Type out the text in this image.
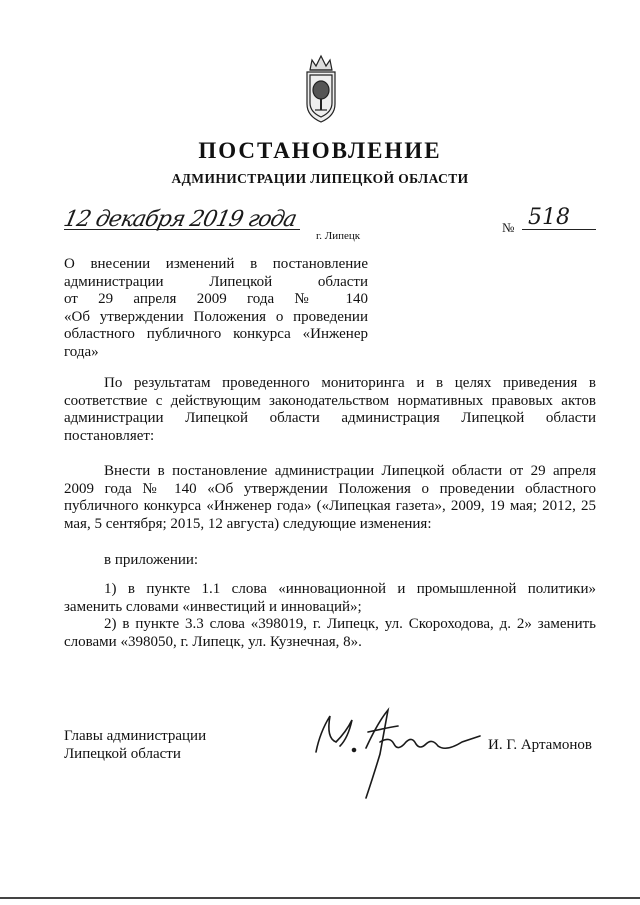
ПОСТАНОВЛЕНИЕ
АДМИНИСТРАЦИИ ЛИПЕЦКОЙ ОБЛАСТИ
12 декабря 2019 года
г. Липецк
№ 518
О внесении изменений в постановление
администрации Липецкой области
от 29 апреля 2009 года № 140
«Об утверждении Положения о проведении
областного публичного конкурса «Инженер
года»
По результатам проведенного мониторинга и в целях приведения в соответствие с действующим законодательством нормативных правовых актов администрации Липецкой области администрация Липецкой области постановляет:
Внести в постановление администрации Липецкой области от 29 апреля 2009 года № 140 «Об утверждении Положения о проведении областного публичного конкурса «Инженер года» («Липецкая газета», 2009, 19 мая; 2012, 25 мая, 5 сентября; 2015, 12 августа) следующие изменения:
в приложении:
1) в пункте 1.1 слова «инновационной и промышленной политики» заменить словами «инвестиций и инноваций»;
2) в пункте 3.3 слова «398019, г. Липецк, ул. Скороходова, д. 2» заменить словами «398050, г. Липецк, ул. Кузнечная, 8».
Главы администрации
Липецкой области
И. Г. Артамонов
